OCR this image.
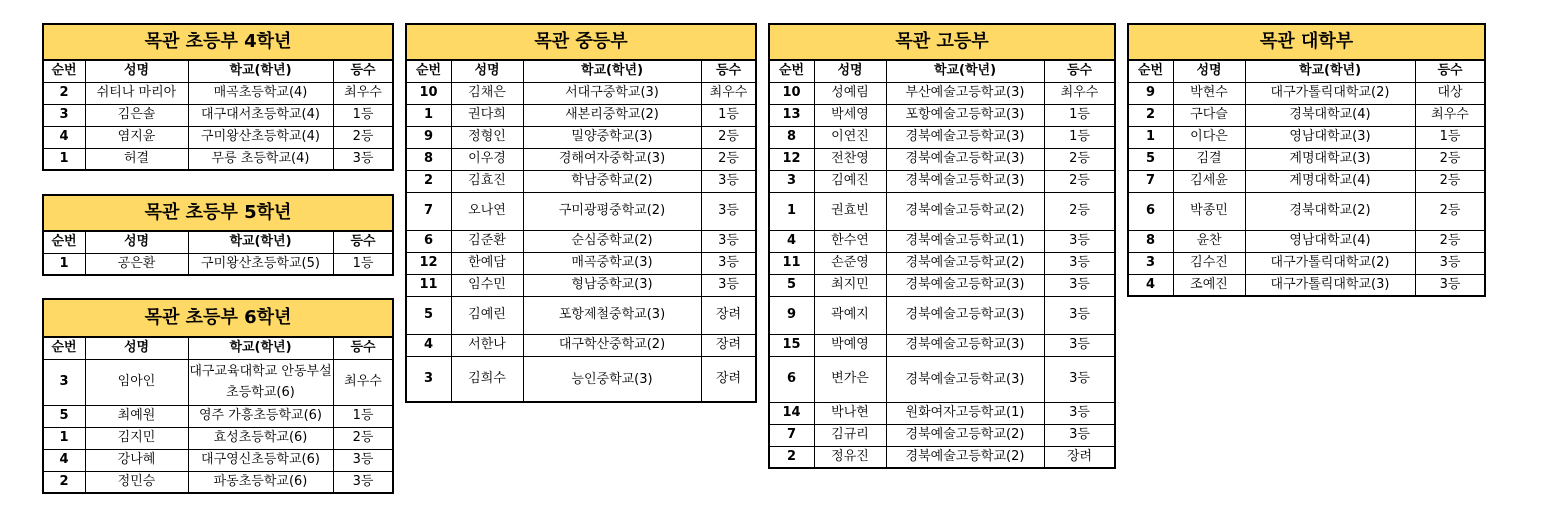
목관 초등부 4학년			
순번	성명	학교(학년)	등수
2	쉬티나 마리아	매곡초등학교(4)	최우수
3	김은솔	대구대서초등학교(4)	1등
4	염지윤	구미왕산초등학교(4)	2등
1	허결	무릉 초등학교(4)	3등
목관 초등부 5학년			
순번	성명	학교(학년)	등수
1	공은환	구미왕산초등학교(5)	1등
목관 초등부 6학년			
순번	성명	학교(학년)	등수
3	임아인	대구교육대학교 안동부설초등학교(6)	최우수
5	최예원	영주 가흥초등학교(6)	1등
1	김지민	효성초등학교(6)	2등
4	강나혜	대구영신초등학교(6)	3등
2	정민승	파동초등학교(6)	3등
목관 중등부			
순번	성명	학교(학년)	등수
10	김채은	서대구중학교(3)	최우수
1	권다희	새본리중학교(2)	1등
9	정형인	밀양중학교(3)	2등
8	이우경	경해여자중학교(3)	2등
2	김효진	학남중학교(2)	3등
7	오나연	구미광평중학교(2)	3등
6	김준환	순심중학교(2)	3등
12	한예담	매곡중학교(3)	3등
11	임수민	형남중학교(3)	3등
5	김예린	포항제철중학교(3)	장려
4	서한나	대구학산중학교(2)	장려
3	김희수	능인중학교(3)	장려
목관 고등부			
순번	성명	학교(학년)	등수
10	성예림	부산예술고등학교(3)	최우수
13	박세영	포항예술고등학교(3)	1등
8	이연진	경북예술고등학교(3)	1등
12	전찬영	경북예술고등학교(3)	2등
3	김예진	경북예술고등학교(3)	2등
1	권효빈	경북예술고등학교(2)	2등
4	한수연	경북예술고등학교(1)	3등
11	손준영	경북예술고등학교(2)	3등
5	최지민	경북예술고등학교(3)	3등
9	곽예지	경북예술고등학교(3)	3등
15	박예영	경북예술고등학교(3)	3등
6	변가은	경북예술고등학교(3)	3등
14	박나현	원화여자고등학교(1)	3등
7	김규리	경북예술고등학교(2)	3등
2	정유진	경북예술고등학교(2)	장려
목관 대학부			
순번	성명	학교(학년)	등수
9	박현수	대구가톨릭대학교(2)	대상
2	구다슬	경북대학교(4)	최우수
1	이다은	영남대학교(3)	1등
5	김결	계명대학교(3)	2등
7	김세윤	계명대학교(4)	2등
6	박종민	경북대학교(2)	2등
8	윤찬	영남대학교(4)	2등
3	김수진	대구가톨릭대학교(2)	3등
4	조예진	대구가톨릭대학교(3)	3등
